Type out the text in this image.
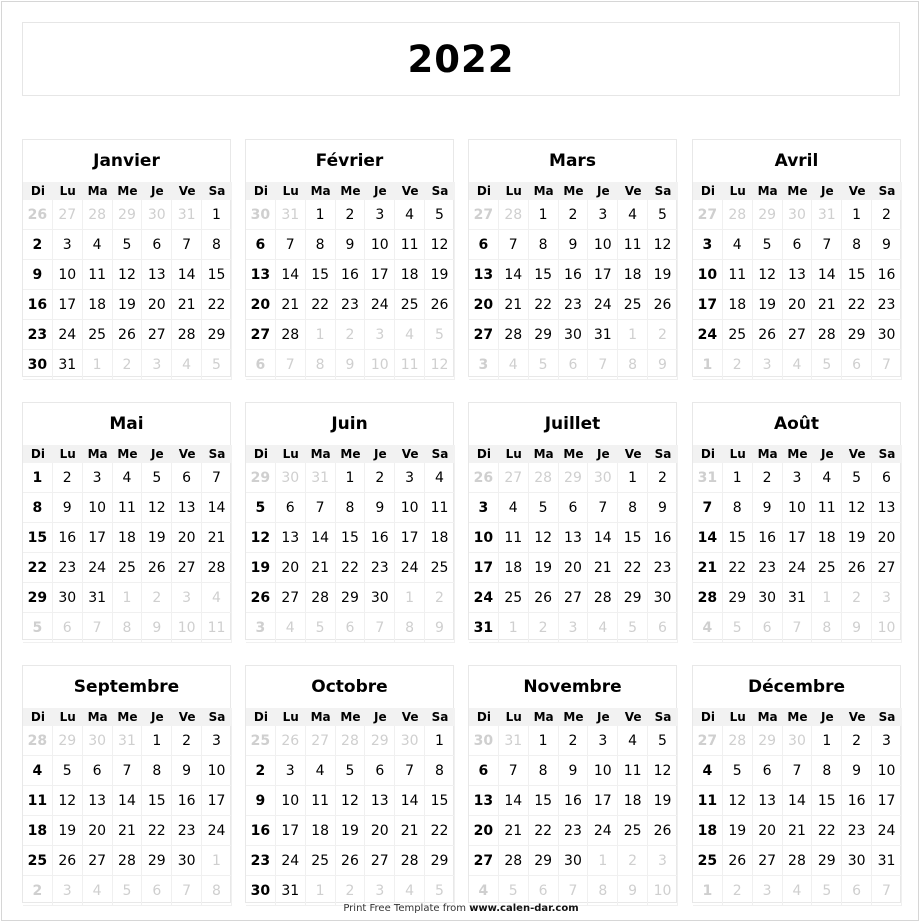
2022
Janvier
Di	Lu Ma Me	Je	Ve	Sa
26 27 28 29 30 31	1
2	3	4	5	6	7	8
9	10 11 12 13 14 15
16 17 18 19 20 21 22
23 24 25 26 27 28 29
30 31	1	2	3	4	5
Février
Di	Lu Ma Me	Je	Ve	Sa
30 31	1	2	3	4	5
6	7	8	9	10 11 12
13 14 15 16 17 18 19
20 21 22 23 24 25 26
27 28	1	2	3	4	5
6	7	8	9	10 11 12
Mars
Di	Lu Ma Me	Je	Ve	Sa
27 28	1	2	3	4	5
6	7	8	9	10 11 12
13 14 15 16 17 18 19
20 21 22 23 24 25 26
27 28 29 30 31	1	2
3	4	5	6	7	8	9
Avril
Di	Lu Ma Me	Je	Ve	Sa
27 28 29 30 31	1	2
3	4	5	6	7	8	9
10 11 12 13 14 15 16
17 18 19 20 21 22 23
24 25 26 27 28 29 30
1	2	3	4	5	6	7
Mai
Di	Lu Ma Me	Je	Ve	Sa
1	2	3	4	5	6	7
8	9	10 11 12 13 14
15 16 17 18 19 20 21
22 23 24 25 26 27 28
29 30 31	1	2	3	4
5	6	7	8	9	10 11
Juin
Di	Lu Ma Me	Je	Ve	Sa
29 30 31	1	2	3	4
5	6	7	8	9	10 11
12 13 14 15 16 17 18
19 20 21 22 23 24 25
26 27 28 29 30	1	2
3	4	5	6	7	8	9
Juillet
Di	Lu Ma Me	Je	Ve	Sa
26 27 28 29 30	1	2
3	4	5	6	7	8	9
10 11 12 13 14 15 16
17 18 19 20 21 22 23
24 25 26 27 28 29 30
31	1	2	3	4	5	6
Août
Di	Lu Ma Me	Je	Ve	Sa
31	1	2	3	4	5	6
7	8	9	10 11 12 13
14 15 16 17 18 19 20
21 22 23 24 25 26 27
28 29 30 31	1	2	3
4	5	6	7	8	9	10
Septembre
Di	Lu Ma Me	Je	Ve	Sa
28 29 30 31	1	2	3
4	5	6	7	8	9	10
11 12 13 14 15 16 17
18 19 20 21 22 23 24
25 26 27 28 29 30	1
2	3	4	5	6	7	8
Octobre
Di	Lu Ma Me	Je	Ve	Sa
25 26 27 28 29 30	1
2	3	4	5	6	7	8
9	10 11 12 13 14 15
16 17 18 19 20 21 22
23 24 25 26 27 28 29
30 31	1	2	3	4	5
Novembre
Di	Lu Ma Me	Je	Ve	Sa
30 31	1	2	3	4	5
6	7	8	9	10 11 12
13 14 15 16 17 18 19
20 21 22 23 24 25 26
27 28 29 30	1	2	3
4	5	6	7	8	9	10
Décembre
Di	Lu Ma Me	Je	Ve	Sa
27 28 29 30	1	2	3
4	5	6	7	8	9	10
11 12 13 14 15 16 17
18 19 20 21 22 23 24
25 26 27 28 29 30 31
1	2	3	4	5	6	7
Print Free Template from www.calen-dar.com
